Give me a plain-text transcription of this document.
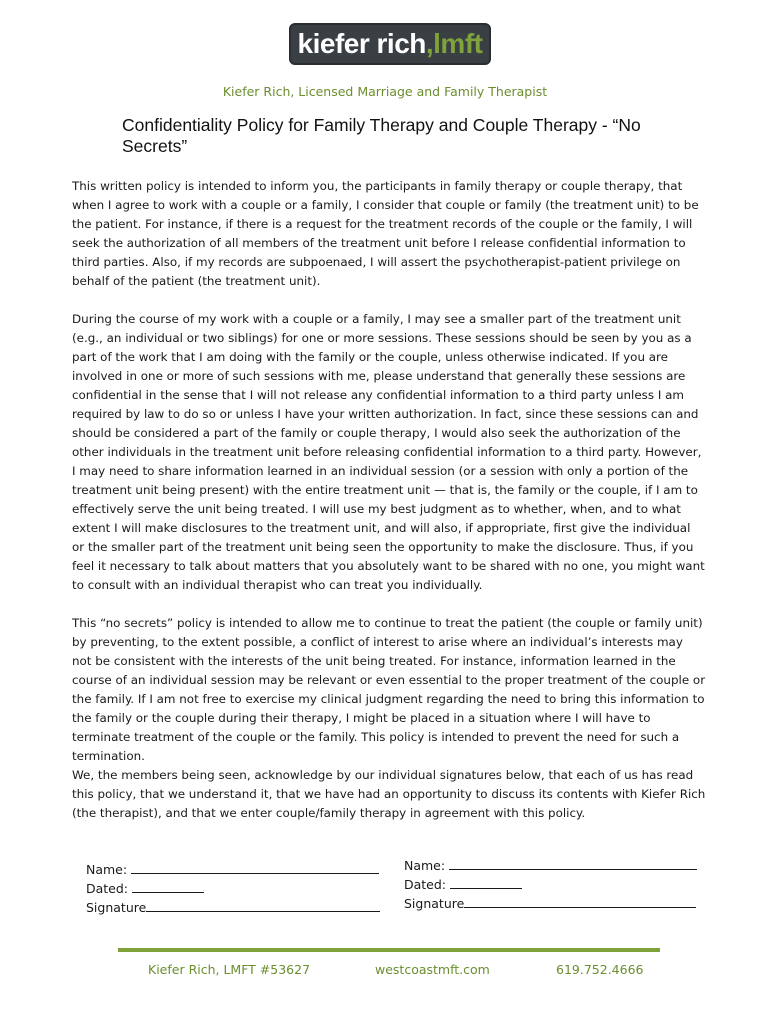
kiefer rich ,lmft
Kiefer Rich, Licensed Marriage and Family Therapist
Confidentiality Policy for Family Therapy and Couple Therapy - “No Secrets”

This written policy is intended to inform you, the participants in family therapy or couple therapy, that when I agree to work with a couple or a family, I consider that couple or family (the treatment unit) to be the patient. For instance, if there is a request for the treatment records of the couple or the family, I will seek the authorization of all members of the treatment unit before I release confidential information to third parties. Also, if my records are subpoenaed, I will assert the psychotherapist-patient privilege on behalf of the patient (the treatment unit).

During the course of my work with a couple or a family, I may see a smaller part of the treatment unit (e.g., an individual or two siblings) for one or more sessions. These sessions should be seen by you as a part of the work that I am doing with the family or the couple, unless otherwise indicated. If you are involved in one or more of such sessions with me, please understand that generally these sessions are confidential in the sense that I will not release any confidential information to a third party unless I am required by law to do so or unless I have your written authorization. In fact, since these sessions can and should be considered a part of the family or couple therapy, I would also seek the authorization of the other individuals in the treatment unit before releasing confidential information to a third party. However, I may need to share information learned in an individual session (or a session with only a portion of the treatment unit being present) with the entire treatment unit — that is, the family or the couple, if I am to effectively serve the unit being treated. I will use my best judgment as to whether, when, and to what extent I will make disclosures to the treatment unit, and will also, if appropriate, first give the individual or the smaller part of the treatment unit being seen the opportunity to make the disclosure. Thus, if you feel it necessary to talk about matters that you absolutely want to be shared with no one, you might want to consult with an individual therapist who can treat you individually.

This “no secrets” policy is intended to allow me to continue to treat the patient (the couple or family unit) by preventing, to the extent possible, a conflict of interest to arise where an individual’s interests may not be consistent with the interests of the unit being treated. For instance, information learned in the course of an individual session may be relevant or even essential to the proper treatment of the couple or the family. If I am not free to exercise my clinical judgment regarding the need to bring this information to the family or the couple during their therapy, I might be placed in a situation where I will have to terminate treatment of the couple or the family. This policy is intended to prevent the need for such a termination.

We, the members being seen, acknowledge by our individual signatures below, that each of us has read this policy, that we understand it, that we have had an opportunity to discuss its contents with Kiefer Rich (the therapist), and that we enter couple/family therapy in agreement with this policy.

Name:
Dated:
Signature
Name:
Dated:
Signature
Kiefer Rich, LMFT #53627	westcoastmft.com	619.752.4666
